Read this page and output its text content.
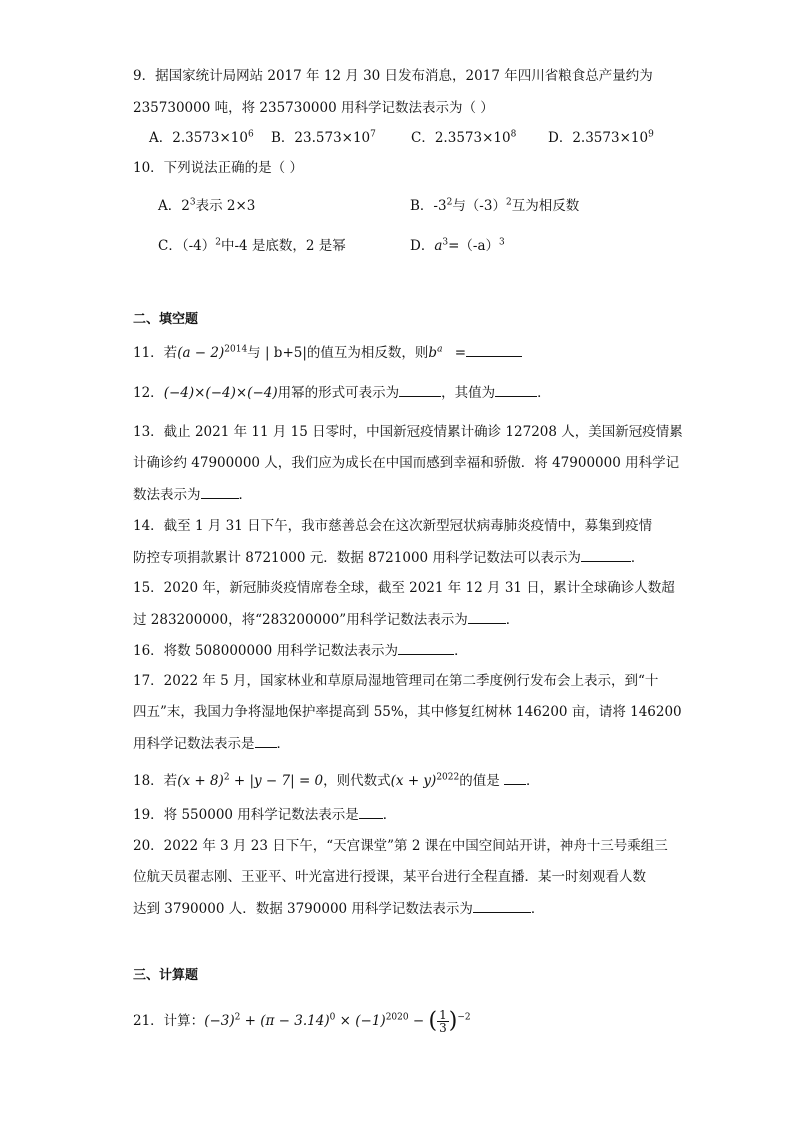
9．据国家统计局网站 2017 年 12 月 30 日发布消息，2017 年四川省粮食总产量约为
235730000 吨，将 235730000 用科学记数法表示为（ ）
A．$2.3573\times 10^6$ B．$23.573\times 10^7$	C．$2.3573\times 10^8$ D．$2.3573\times 10^9$
10．下列说法正确的是（ ）
A．$2^3$表示 2×3	B．$-3^2$与$(-3)^2$互为相反数
C．$(-4)^2$中-4 是底数，2 是幂	D．$a^3=(-a)^3$
二、填空题
11．若$(a - 2)^{2014}$与 | b+5|的值互为相反数，则$b^a$ =
12．(−4)×(−4)×(−4)用幂的形式可表示为	，其值为	．
13．截止 2021 年 11 月 15 日零时，中国新冠疫情累计确诊 127208 人，美国新冠疫情累
计确诊约 47900000 人，我们应为成长在中国而感到幸福和骄傲．将 47900000 用科学记
数法表示为	．
14．截至 1 月 31 日下午，我市慈善总会在这次新型冠状病毒肺炎疫情中，募集到疫情
防控专项捐款累计 8721000 元．数据 8721000 用科学记数法可以表示为	．
15．2020 年，新冠肺炎疫情席卷全球，截至 2021 年 12 月 31 日，累计全球确诊人数超
过 283200000，将“283200000”用科学记数法表示为	．
16．将数 508000000 用科学记数法表示为	．
17．2022 年 5 月，国家林业和草原局湿地管理司在第二季度例行发布会上表示，到“十
四五”末，我国力争将湿地保护率提高到 55%，其中修复红树林 146200 亩，请将 146200
用科学记数法表示是 ．
18．若$(x + 8)^2 + |y - 7| = 0$，则代数式$(x + y)^{2022}$的值是 ．
19．将 550000 用科学记数法表示是 ．
20．2022 年 3 月 23 日下午，“天宫课堂”第 2 课在中国空间站开讲，神舟十三号乘组三
位航天员翟志刚、王亚平、叶光富进行授课，某平台进行全程直播．某一时刻观看人数
达到 3790000 人．数据 3790000 用科学记数法表示为	．
三、计算题
21．计算：$(-3)^2 + (\pi - 3.14)^0 \times (-1)^{2020}$ − ( $\frac{1}{3} )^{-2}$
